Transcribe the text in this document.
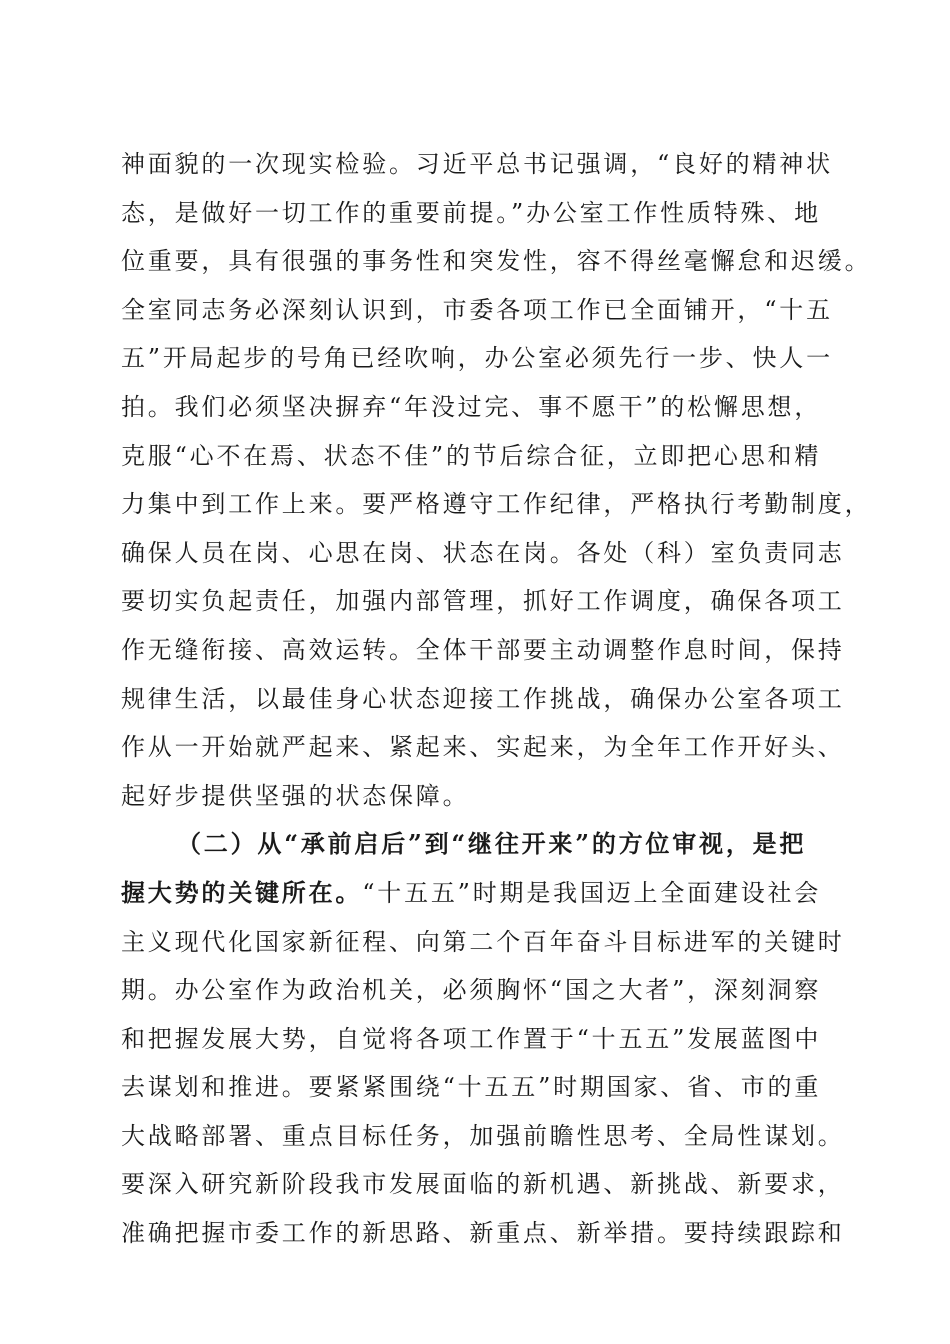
神面貌的一次现实检验。习近平总书记强调，“良好的精神状
态，是做好一切工作的重要前提。”办公室工作性质特殊、地
位重要，具有很强的事务性和突发性，容不得丝毫懈怠和迟缓。
全室同志务必深刻认识到，市委各项工作已全面铺开，“十五
五”开局起步的号角已经吹响，办公室必须先行一步、快人一
拍。我们必须坚决摒弃“年没过完、事不愿干”的松懈思想，
克服“心不在焉、状态不佳”的节后综合征，立即把心思和精
力集中到工作上来。要严格遵守工作纪律，严格执行考勤制度，
确保人员在岗、心思在岗、状态在岗。各处（科）室负责同志
要切实负起责任，加强内部管理，抓好工作调度，确保各项工
作无缝衔接、高效运转。全体干部要主动调整作息时间，保持
规律生活，以最佳身心状态迎接工作挑战，确保办公室各项工
作从一开始就严起来、紧起来、实起来，为全年工作开好头、
起好步提供坚强的状态保障。
（二）从“承前启后”到“继往开来”的方位审视，是把
握大势的关键所在。“十五五”时期是我国迈上全面建设社会
主义现代化国家新征程、向第二个百年奋斗目标进军的关键时
期。办公室作为政治机关，必须胸怀“国之大者”，深刻洞察
和把握发展大势，自觉将各项工作置于“十五五”发展蓝图中
去谋划和推进。要紧紧围绕“十五五”时期国家、省、市的重
大战略部署、重点目标任务，加强前瞻性思考、全局性谋划。
要深入研究新阶段我市发展面临的新机遇、新挑战、新要求，
准确把握市委工作的新思路、新重点、新举措。要持续跟踪和
